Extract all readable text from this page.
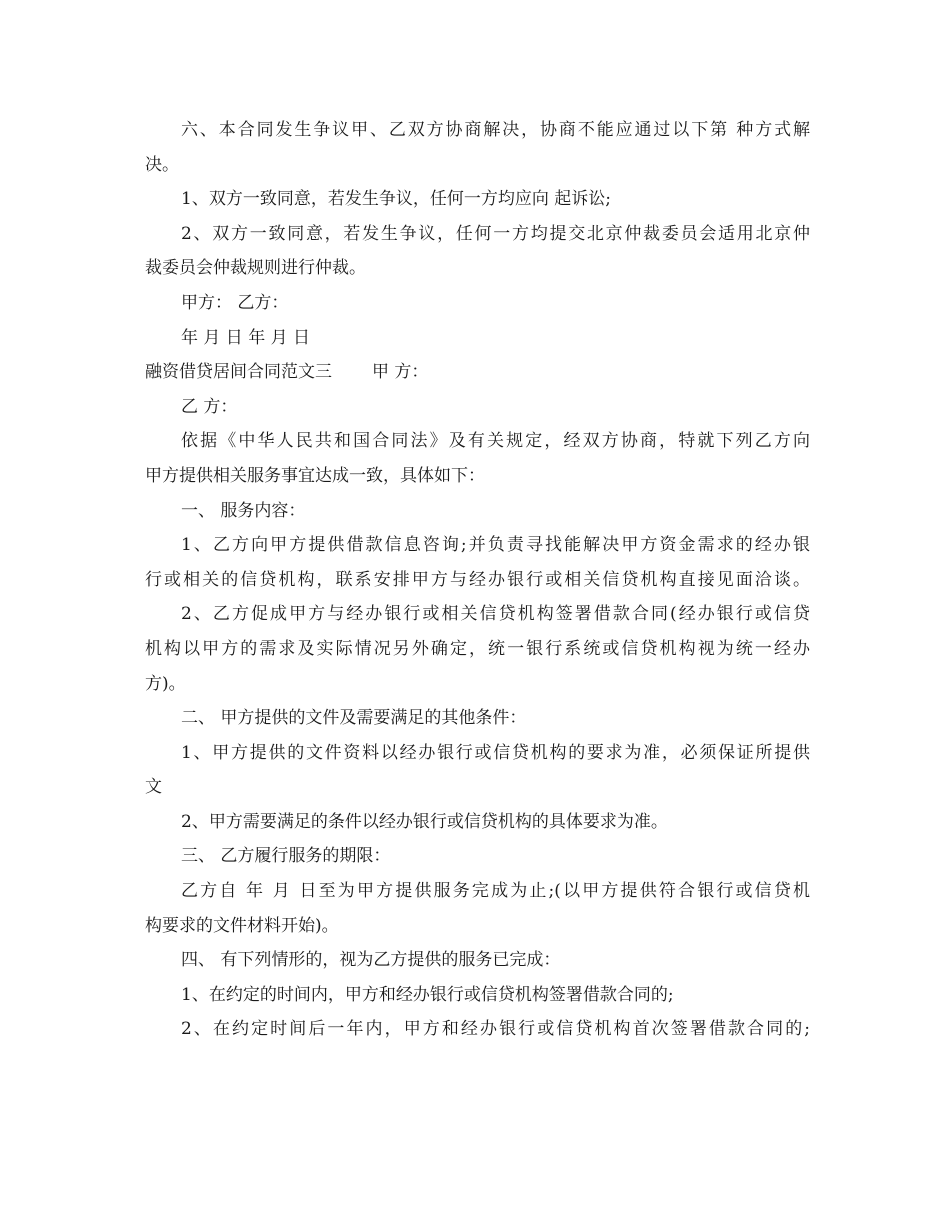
六、本合同发生争议甲、乙双方协商解决，协商不能应通过以下第 种方式解
决。
1、双方一致同意，若发生争议，任何一方均应向 起诉讼;
2、双方一致同意，若发生争议，任何一方均提交北京仲裁委员会适用北京仲
裁委员会仲裁规则进行仲裁。
甲方： 乙方：
年 月 日 年 月 日
融资借贷居间合同范文三 甲 方：
乙 方：
依据《中华人民共和国合同法》及有关规定，经双方协商，特就下列乙方向
甲方提供相关服务事宜达成一致，具体如下：
一、 服务内容：
1、乙方向甲方提供借款信息咨询;并负责寻找能解决甲方资金需求的经办银
行或相关的信贷机构，联系安排甲方与经办银行或相关信贷机构直接见面洽谈。
2、乙方促成甲方与经办银行或相关信贷机构签署借款合同(经办银行或信贷
机构以甲方的需求及实际情况另外确定，统一银行系统或信贷机构视为统一经办
方)。
二、 甲方提供的文件及需要满足的其他条件：
1、甲方提供的文件资料以经办银行或信贷机构的要求为准，必须保证所提供
文
2、甲方需要满足的条件以经办银行或信贷机构的具体要求为准。
三、 乙方履行服务的期限：
乙方自 年 月 日至为甲方提供服务完成为止;(以甲方提供符合银行或信贷机
构要求的文件材料开始)。
四、 有下列情形的，视为乙方提供的服务已完成：
1、在约定的时间内，甲方和经办银行或信贷机构签署借款合同的;
2、在约定时间后一年内，甲方和经办银行或信贷机构首次签署借款合同的;
